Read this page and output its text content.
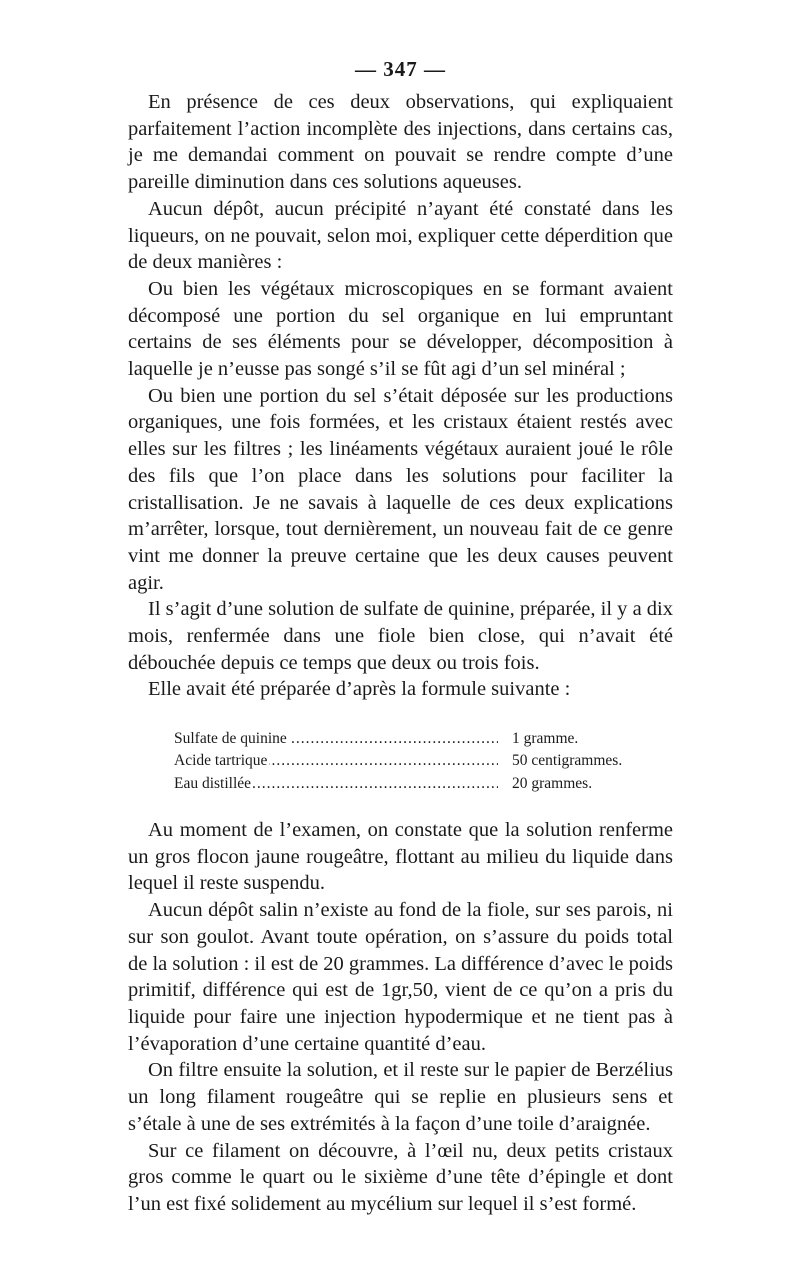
— 347 —

En présence de ces deux observations, qui expliquaient parfaitement l’action incomplète des injections, dans certains cas, je me demandai comment on pouvait se rendre compte d’une pareille diminution dans ces solutions aqueuses.

Aucun dépôt, aucun précipité n’ayant été constaté dans les liqueurs, on ne pouvait, selon moi, expliquer cette déperdition que de deux manières :

Ou bien les végétaux microscopiques en se formant avaient décomposé une portion du sel organique en lui empruntant certains de ses éléments pour se développer, décomposition à laquelle je n’eusse pas songé s’il se fût agi d’un sel minéral ;

Ou bien une portion du sel s’était déposée sur les productions organiques, une fois formées, et les cristaux étaient restés avec elles sur les filtres ; les linéaments végétaux auraient joué le rôle des fils que l’on place dans les solutions pour faciliter la cristallisation. Je ne savais à laquelle de ces deux explications m’arrêter, lorsque, tout dernièrement, un nouveau fait de ce genre vint me donner la preuve certaine que les deux causes peuvent agir.

Il s’agit d’une solution de sulfate de quinine, préparée, il y a dix mois, renfermée dans une fiole bien close, qui n’avait été débouchée depuis ce temps que deux ou trois fois.

Elle avait été préparée d’après la formule suivante :

Sulfate de quinine .....	1 gramme.
Acide tartrique .....	50 centigrammes.
Eau distillée .....	20 grammes.

Au moment de l’examen, on constate que la solution renferme un gros flocon jaune rougeâtre, flottant au milieu du liquide dans lequel il reste suspendu.

Aucun dépôt salin n’existe au fond de la fiole, sur ses parois, ni sur son goulot. Avant toute opération, on s’assure du poids total de la solution : il est de 20 grammes. La différence d’avec le poids primitif, différence qui est de 1gr,50, vient de ce qu’on a pris du liquide pour faire une injection hypodermique et ne tient pas à l’évaporation d’une certaine quantité d’eau.

On filtre ensuite la solution, et il reste sur le papier de Berzélius un long filament rougeâtre qui se replie en plusieurs sens et s’étale à une de ses extrémités à la façon d’une toile d’araignée.

Sur ce filament on découvre, à l’œil nu, deux petits cristaux gros comme le quart ou le sixième d’une tête d’épingle et dont l’un est fixé solidement au mycélium sur lequel il s’est formé.
